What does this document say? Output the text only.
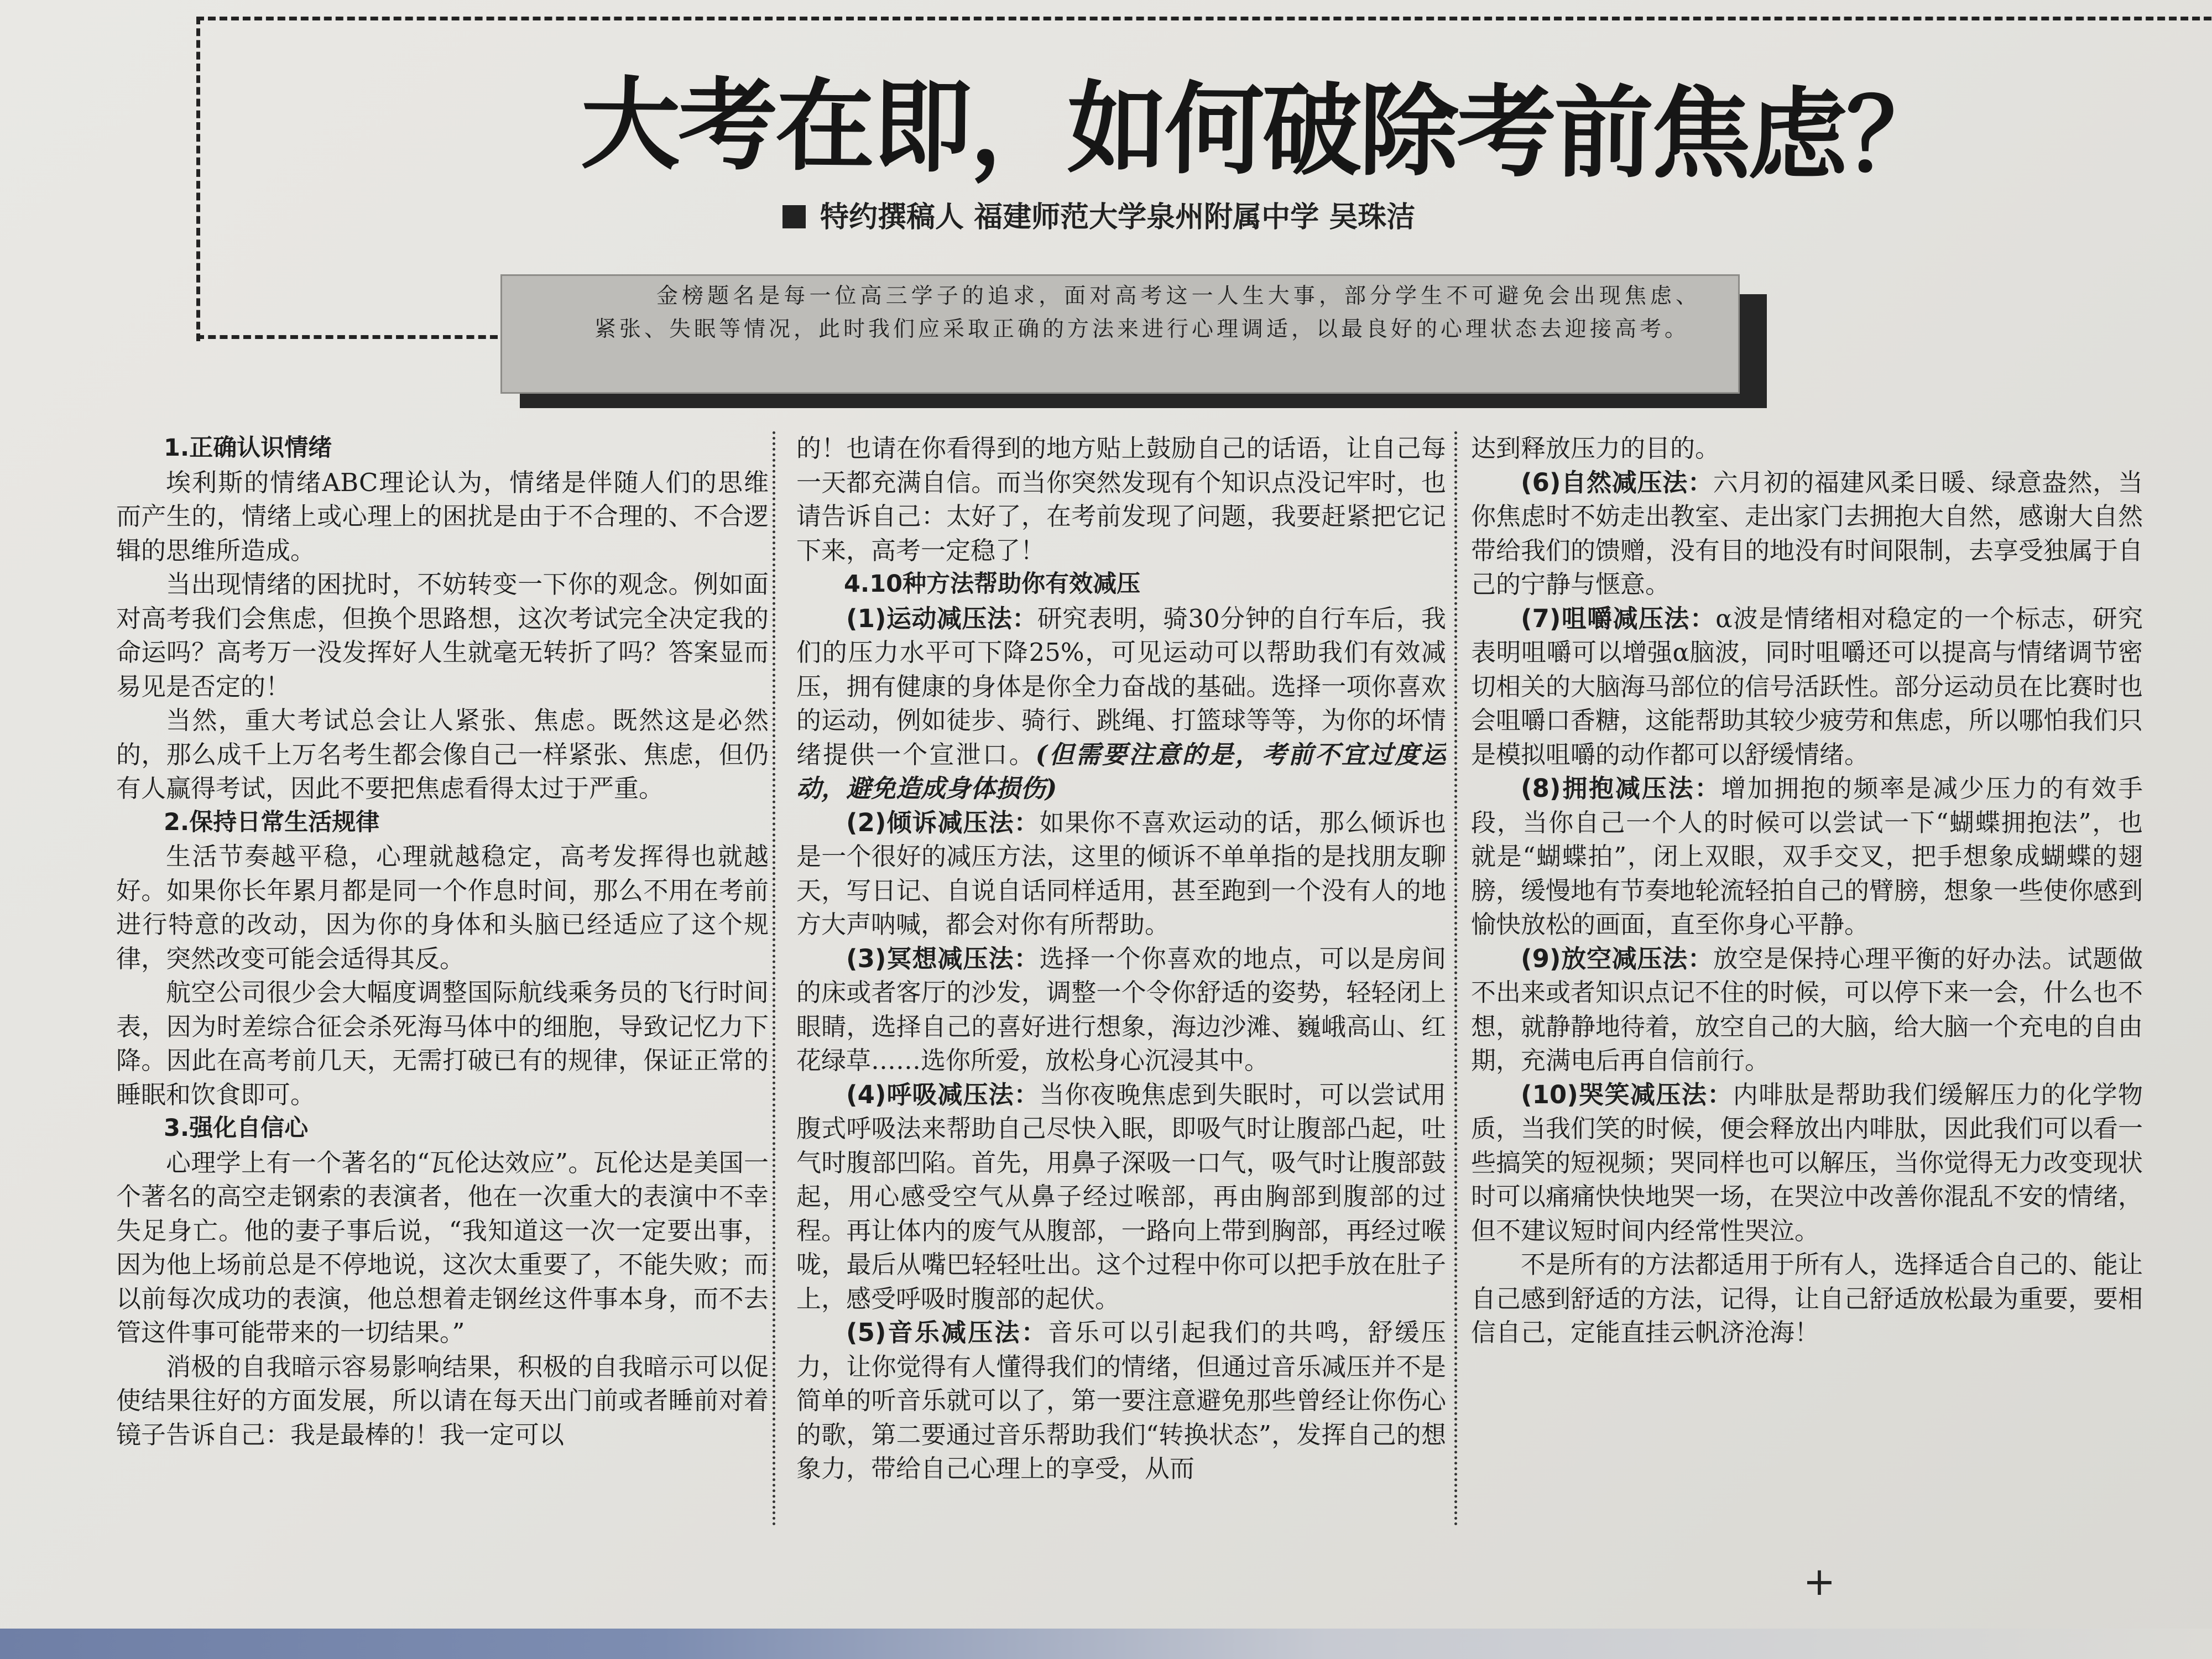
大考在即，如何破除考前焦虑？
特约撰稿人 福建师范大学泉州附属中学 吴珠洁
金榜题名是每一位高三学子的追求，面对高考这一人生大事，部分学生不可避免会出现焦虑、紧张、失眠等情况，此时我们应采取正确的方法来进行心理调适，以最良好的心理状态去迎接高考。
1.正确认识情绪

埃利斯的情绪ABC理论认为，情绪是伴随人们的思维而产生的，情绪上或心理上的困扰是由于不合理的、不合逻辑的思维所造成。

当出现情绪的困扰时，不妨转变一下你的观念。例如面对高考我们会焦虑，但换个思路想，这次考试完全决定我的命运吗？高考万一没发挥好人生就毫无转折了吗？答案显而易见是否定的！

当然，重大考试总会让人紧张、焦虑。既然这是必然的，那么成千上万名考生都会像自己一样紧张、焦虑，但仍有人赢得考试，因此不要把焦虑看得太过于严重。

2.保持日常生活规律

生活节奏越平稳，心理就越稳定，高考发挥得也就越好。如果你长年累月都是同一个作息时间，那么不用在考前进行特意的改动，因为你的身体和头脑已经适应了这个规律，突然改变可能会适得其反。

航空公司很少会大幅度调整国际航线乘务员的飞行时间表，因为时差综合征会杀死海马体中的细胞，导致记忆力下降。因此在高考前几天，无需打破已有的规律，保证正常的睡眠和饮食即可。

3.强化自信心

心理学上有一个著名的“瓦伦达效应”。瓦伦达是美国一个著名的高空走钢索的表演者，他在一次重大的表演中不幸失足身亡。他的妻子事后说，“我知道这一次一定要出事，因为他上场前总是不停地说，这次太重要了，不能失败；而以前每次成功的表演，他总想着走钢丝这件事本身，而不去管这件事可能带来的一切结果。”

消极的自我暗示容易影响结果，积极的自我暗示可以促使结果往好的方面发展，所以请在每天出门前或者睡前对着镜子告诉自己：我是最棒的！我一定可以

的！也请在你看得到的地方贴上鼓励自己的话语，让自己每一天都充满自信。而当你突然发现有个知识点没记牢时，也请告诉自己：太好了，在考前发现了问题，我要赶紧把它记下来，高考一定稳了！

4.10种方法帮助你有效减压

(1)运动减压法：研究表明，骑30分钟的自行车后，我们的压力水平可下降25%，可见运动可以帮助我们有效减压，拥有健康的身体是你全力奋战的基础。选择一项你喜欢的运动，例如徒步、骑行、跳绳、打篮球等等，为你的坏情绪提供一个宣泄口。(但需要注意的是，考前不宜过度运动，避免造成身体损伤)

(2)倾诉减压法：如果你不喜欢运动的话，那么倾诉也是一个很好的减压方法，这里的倾诉不单单指的是找朋友聊天，写日记、自说自话同样适用，甚至跑到一个没有人的地方大声呐喊，都会对你有所帮助。

(3)冥想减压法：选择一个你喜欢的地点，可以是房间的床或者客厅的沙发，调整一个令你舒适的姿势，轻轻闭上眼睛，选择自己的喜好进行想象，海边沙滩、巍峨高山、红花绿草……选你所爱，放松身心沉浸其中。

(4)呼吸减压法：当你夜晚焦虑到失眠时，可以尝试用腹式呼吸法来帮助自己尽快入眠，即吸气时让腹部凸起，吐气时腹部凹陷。首先，用鼻子深吸一口气，吸气时让腹部鼓起，用心感受空气从鼻子经过喉部，再由胸部到腹部的过程。再让体内的废气从腹部，一路向上带到胸部，再经过喉咙，最后从嘴巴轻轻吐出。这个过程中你可以把手放在肚子上，感受呼吸时腹部的起伏。

(5)音乐减压法：音乐可以引起我们的共鸣，舒缓压力，让你觉得有人懂得我们的情绪，但通过音乐减压并不是简单的听音乐就可以了，第一要注意避免那些曾经让你伤心的歌，第二要通过音乐帮助我们“转换状态”，发挥自己的想象力，带给自己心理上的享受，从而

达到释放压力的目的。

(6)自然减压法：六月初的福建风柔日暖、绿意盎然，当你焦虑时不妨走出教室、走出家门去拥抱大自然，感谢大自然带给我们的馈赠，没有目的地没有时间限制，去享受独属于自己的宁静与惬意。

(7)咀嚼减压法：α波是情绪相对稳定的一个标志，研究表明咀嚼可以增强α脑波，同时咀嚼还可以提高与情绪调节密切相关的大脑海马部位的信号活跃性。部分运动员在比赛时也会咀嚼口香糖，这能帮助其较少疲劳和焦虑，所以哪怕我们只是模拟咀嚼的动作都可以舒缓情绪。

(8)拥抱减压法：增加拥抱的频率是减少压力的有效手段，当你自己一个人的时候可以尝试一下“蝴蝶拥抱法”，也就是“蝴蝶拍”，闭上双眼，双手交叉，把手想象成蝴蝶的翅膀，缓慢地有节奏地轮流轻拍自己的臂膀，想象一些使你感到愉快放松的画面，直至你身心平静。

(9)放空减压法：放空是保持心理平衡的好办法。试题做不出来或者知识点记不住的时候，可以停下来一会，什么也不想，就静静地待着，放空自己的大脑，给大脑一个充电的自由期，充满电后再自信前行。

(10)哭笑减压法：内啡肽是帮助我们缓解压力的化学物质，当我们笑的时候，便会释放出内啡肽，因此我们可以看一些搞笑的短视频；哭同样也可以解压，当你觉得无力改变现状时可以痛痛快快地哭一场，在哭泣中改善你混乱不安的情绪，但不建议短时间内经常性哭泣。

不是所有的方法都适用于所有人，选择适合自己的、能让自己感到舒适的方法，记得，让自己舒适放松最为重要，要相信自己，定能直挂云帆济沧海！

+
